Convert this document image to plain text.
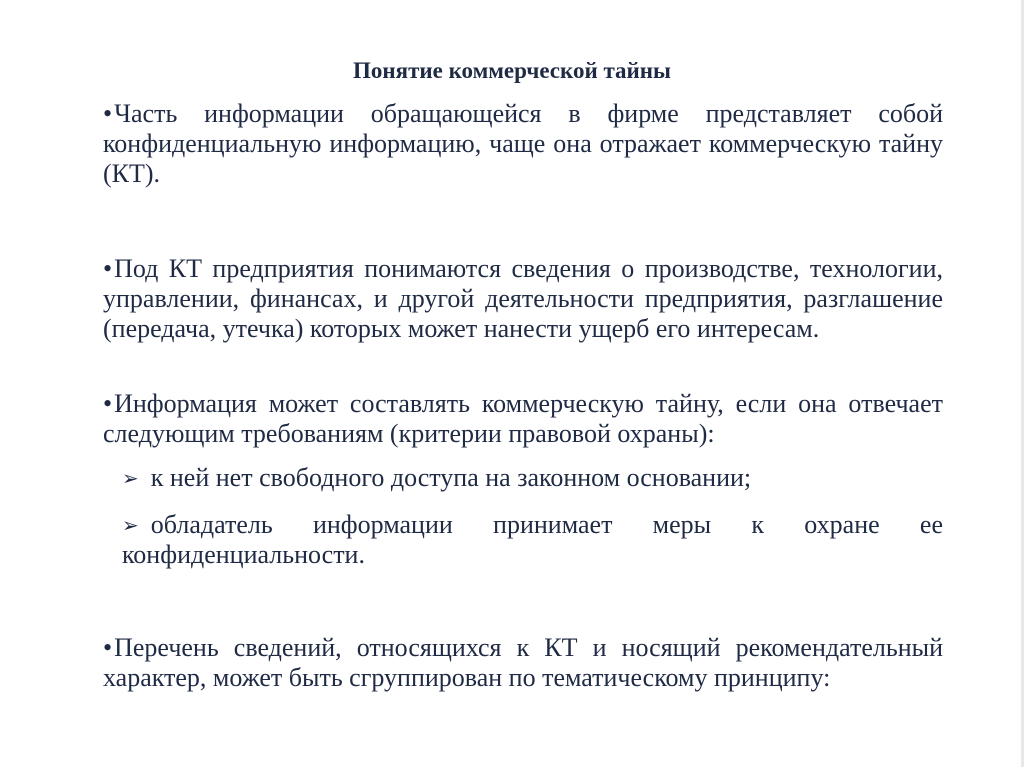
Понятие коммерческой тайны
•Часть информации обращающейся в фирме представляет собой конфиденциальную информацию, чаще она отражает коммерческую тайну (КТ).
•Под КТ предприятия понимаются сведения о производстве, технологии, управлении, финансах, и другой деятельности предприятия, разглашение (передача, утечка) которых может нанести ущерб его интересам.
•Информация может составлять коммерческую тайну, если она отвечает следующим требованиям (критерии правовой охраны):
➢ к ней нет свободного доступа на законном основании;
➢ обладатель информации принимает меры к охране ее конфиденциальности.
•Перечень сведений, относящихся к КТ и носящий рекомендательный характер, может быть сгруппирован по тематическому принципу:
